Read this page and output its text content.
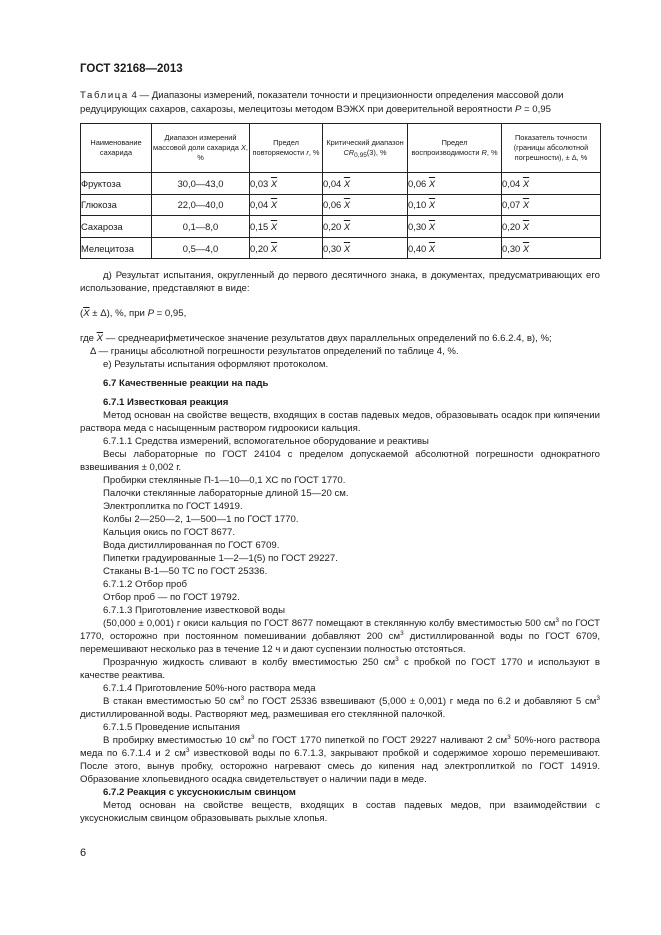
ГОСТ 32168—2013
Таблица 4 — Диапазоны измерений, показатели точности и прецизионности определения массовой доли редуцирующих сахаров, сахарозы, мелецитозы методом ВЭЖХ при доверительной вероятности P = 0,95
Наименование сахарида	Диапазон измерений массовой доли сахарида X, %	Предел повторяемости r, %	Критический диапазон $CR_{0,95}(3)$, %	Предел воспроизводимости R, %	Показатель точности (границы абсолютной погрешности), ± Δ, %
Фруктоза	30,0—43,0	0,03 $\overline{X}$	0,04 $\overline{X}$	0,06 $\overline{X}$	0,04 $\overline{X}$
Глюкоза	22,0—40,0	0,04 $\overline{X}$	0,06 $\overline{X}$	0,10 $\overline{X}$	0,07 $\overline{X}$
Сахароза	0,1—8,0	0,15 $\overline{X}$	0,20 $\overline{X}$	0,30 $\overline{X}$	0,20 $\overline{X}$
Мелецитоза	0,5—4,0	0,20 $\overline{X}$	0,30 $\overline{X}$	0,40 $\overline{X}$	0,30 $\overline{X}$

д) Результат испытания, округленный до первого десятичного знака, в документах, предусматривающих его использование, представляют в виде:

$(\overline{X} \pm \Delta)$, %, при P = 0,95,

где $\overline{X}$ — среднеарифметическое значение результатов двух параллельных определений по 6.6.2.4, в), %;

Δ — границы абсолютной погрешности результатов определений по таблице 4, %.

е) Результаты испытания оформляют протоколом.

6.7 Качественные реакции на падь

6.7.1 Известковая реакция

Метод основан на свойстве веществ, входящих в состав падевых медов, образовывать осадок при кипячении раствора меда с насыщенным раствором гидроокиси кальция.

6.7.1.1 Средства измерений, вспомогательное оборудование и реактивы

Весы лабораторные по ГОСТ 24104 с пределом допускаемой абсолютной погрешности однократного взвешивания ± 0,002 г.

Пробирки стеклянные П-1—10—0,1 ХС по ГОСТ 1770.

Палочки стеклянные лабораторные длиной 15—20 см.

Электроплитка по ГОСТ 14919.

Колбы 2—250—2, 1—500—1 по ГОСТ 1770.

Кальция окись по ГОСТ 8677.

Вода дистиллированная по ГОСТ 6709.

Пипетки градуированные 1—2—1(5) по ГОСТ 29227.

Стаканы В-1—50 ТС по ГОСТ 25336.

6.7.1.2 Отбор проб

Отбор проб — по ГОСТ 19792.

6.7.1.3 Приготовление известковой воды

(50,000 ± 0,001) г окиси кальция по ГОСТ 8677 помещают в стеклянную колбу вместимостью 500 $см^3$ по ГОСТ 1770, осторожно при постоянном помешивании добавляют 200 $см^3$ дистиллированной воды по ГОСТ 6709, перемешивают несколько раз в течение 12 ч и дают суспензии полностью отстояться.

Прозрачную жидкость сливают в колбу вместимостью 250 $см^3$ с пробкой по ГОСТ 1770 и используют в качестве реактива.

6.7.1.4 Приготовление 50%-ного раствора меда

В стакан вместимостью 50 $см^3$ по ГОСТ 25336 взвешивают (5,000 ± 0,001) г меда по 6.2 и добавляют 5 $см^3$ дистиллированной воды. Растворяют мед, размешивая его стеклянной палочкой.

6.7.1.5 Проведение испытания

В пробирку вместимостью 10 $см^3$ по ГОСТ 1770 пипеткой по ГОСТ 29227 наливают 2 $см^3$ 50%-ного раствора меда по 6.7.1.4 и 2 $см^3$ известковой воды по 6.7.1.3, закрывают пробкой и содержимое хорошо перемешивают. После этого, вынув пробку, осторожно нагревают смесь до кипения над электроплиткой по ГОСТ 14919. Образование хлопьевидного осадка свидетельствует о наличии пади в меде.

6.7.2 Реакция с уксуснокислым свинцом

Метод основан на свойстве веществ, входящих в состав падевых медов, при взаимодействии с уксуснокислым свинцом образовывать рыхлые хлопья.

6
